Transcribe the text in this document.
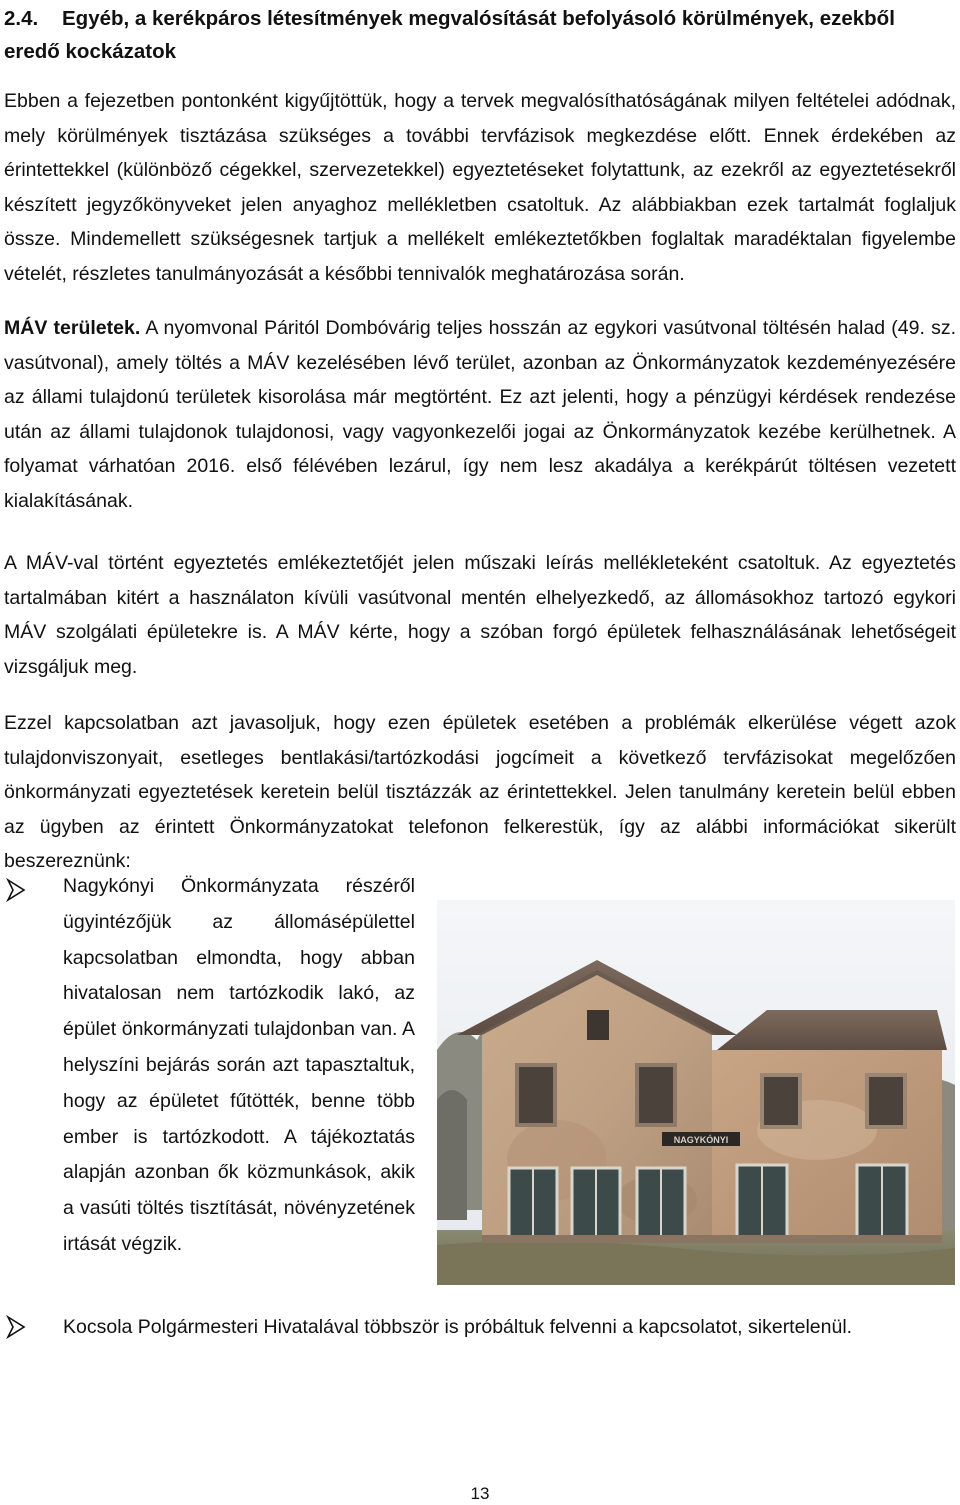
2.4. Egyéb, a kerékpáros létesítmények megvalósítását befolyásoló körülmények, ezekből eredő kockázatok

Ebben a fejezetben pontonként kigyűjtöttük, hogy a tervek megvalósíthatóságának milyen feltételei adódnak, mely körülmények tisztázása szükséges a további tervfázisok megkezdése előtt. Ennek érdekében az érintettekkel (különböző cégekkel, szervezetekkel) egyeztetéseket folytattunk, az ezekről az egyeztetésekről készített jegyzőkönyveket jelen anyaghoz mellékletben csatoltuk. Az alábbiakban ezek tartalmát foglaljuk össze. Mindemellett szükségesnek tartjuk a mellékelt emlékeztetőkben foglaltak maradéktalan figyelembe vételét, részletes tanulmányozását a későbbi tennivalók meghatározása során.

MÁV területek. A nyomvonal Páritól Dombóvárig teljes hosszán az egykori vasútvonal töltésén halad (49. sz. vasútvonal), amely töltés a MÁV kezelésében lévő terület, azonban az Önkormányzatok kezdeményezésére az állami tulajdonú területek kisorolása már megtörtént. Ez azt jelenti, hogy a pénzügyi kérdések rendezése után az állami tulajdonok tulajdonosi, vagy vagyonkezelői jogai az Önkormányzatok kezébe kerülhetnek. A folyamat várhatóan 2016. első félévében lezárul, így nem lesz akadálya a kerékpárút töltésen vezetett kialakításának.

A MÁV-val történt egyeztetés emlékeztetőjét jelen műszaki leírás mellékleteként csatoltuk. Az egyeztetés tartalmában kitért a használaton kívüli vasútvonal mentén elhelyezkedő, az állomásokhoz tartozó egykori MÁV szolgálati épületekre is. A MÁV kérte, hogy a szóban forgó épületek felhasználásának lehetőségeit vizsgáljuk meg.

Ezzel kapcsolatban azt javasoljuk, hogy ezen épületek esetében a problémák elkerülése végett azok tulajdonviszonyait, esetleges bentlakási/tartózkodási jogcímeit a következő tervfázisokat megelőzően önkormányzati egyeztetések keretein belül tisztázzák az érintettekkel. Jelen tanulmány keretein belül ebben az ügyben az érintett Önkormányzatokat telefonon felkerestük, így az alábbi információkat sikerült beszereznünk:

Nagykónyi Önkormányzata részéről ügyintézőjük az állomásépülettel kapcsolatban elmondta, hogy abban hivatalosan nem tartózkodik lakó, az épület önkormányzati tulajdonban van. A helyszíni bejárás során azt tapasztaltuk, hogy az épületet fűtötték, benne több ember is tartózkodott. A tájékoztatás alapján azonban ők közmunkások, akik a vasúti töltés tisztítását, növényzetének irtását végzik.

NAGYKÓNYI

Kocsola Polgármesteri Hivatalával többször is próbáltuk felvenni a kapcsolatot, sikertelenül.

13
